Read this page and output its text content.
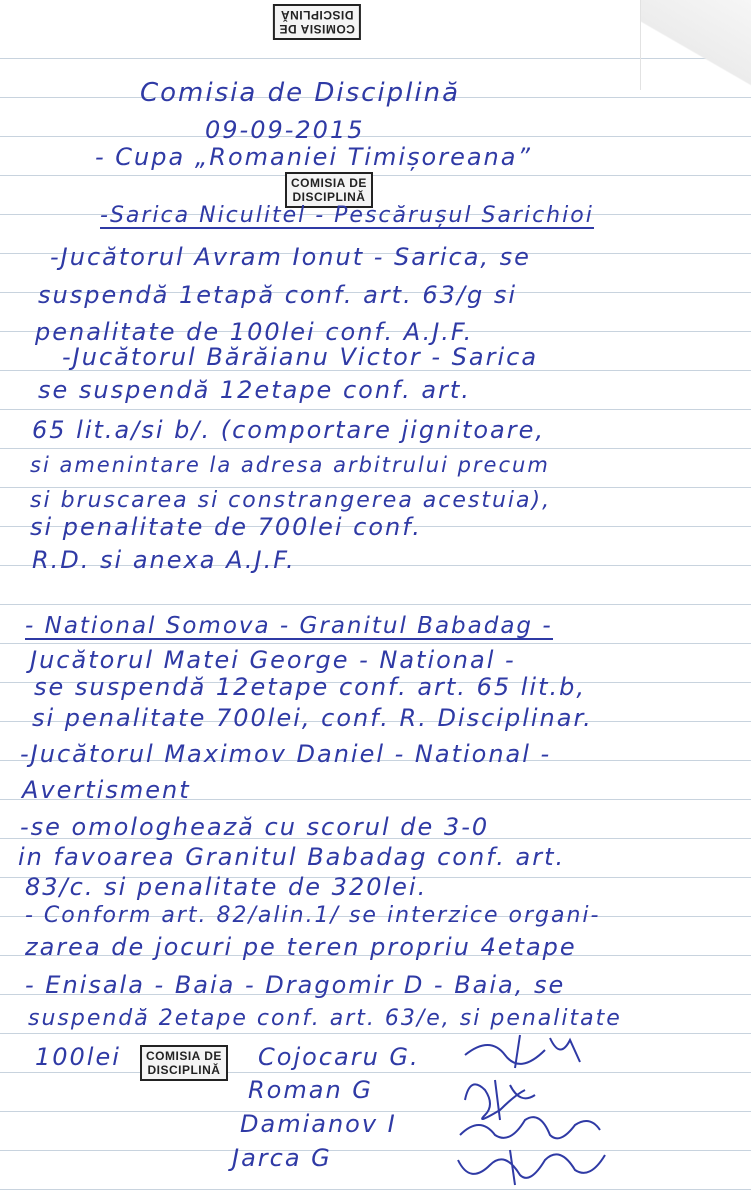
COMISIA DE
DISCIPLINĂ
COMISIA DE
DISCIPLINĂ
COMISIA DE
DISCIPLINĂ
Comisia de Disciplină
09-09-2015
- Cupa „Romaniei Timișoreana”
-Sarica Niculitel - Pescărușul Sarichioi
-Jucătorul Avram Ionut - Sarica, se
suspendă 1etapă conf. art. 63/g si
penalitate de 100lei conf. A.J.F.
-Jucătorul Bărăianu Victor - Sarica
se suspendă 12etape conf. art.
65 lit.a/si b/. (comportare jignitoare,
si amenintare la adresa arbitrului precum
si bruscarea si constrangerea acestuia),
si penalitate de 700lei conf.
R.D. si anexa A.J.F.
- National Somova - Granitul Babadag -
Jucătorul Matei George - National -
se suspendă 12etape conf. art. 65 lit.b,
si penalitate 700lei, conf. R. Disciplinar.
-Jucătorul Maximov Daniel - National -
Avertisment
-se omologhează cu scorul de 3-0
in favoarea Granitul Babadag conf. art.
83/c. si penalitate de 320lei.
- Conform art. 82/alin.1/ se interzice organi-
zarea de jocuri pe teren propriu 4etape
- Enisala - Baia - Dragomir D - Baia, se
suspendă 2etape conf. art. 63/e, si penalitate
100lei	Cojocaru G.
Roman G
Damianov I
Jarca G
